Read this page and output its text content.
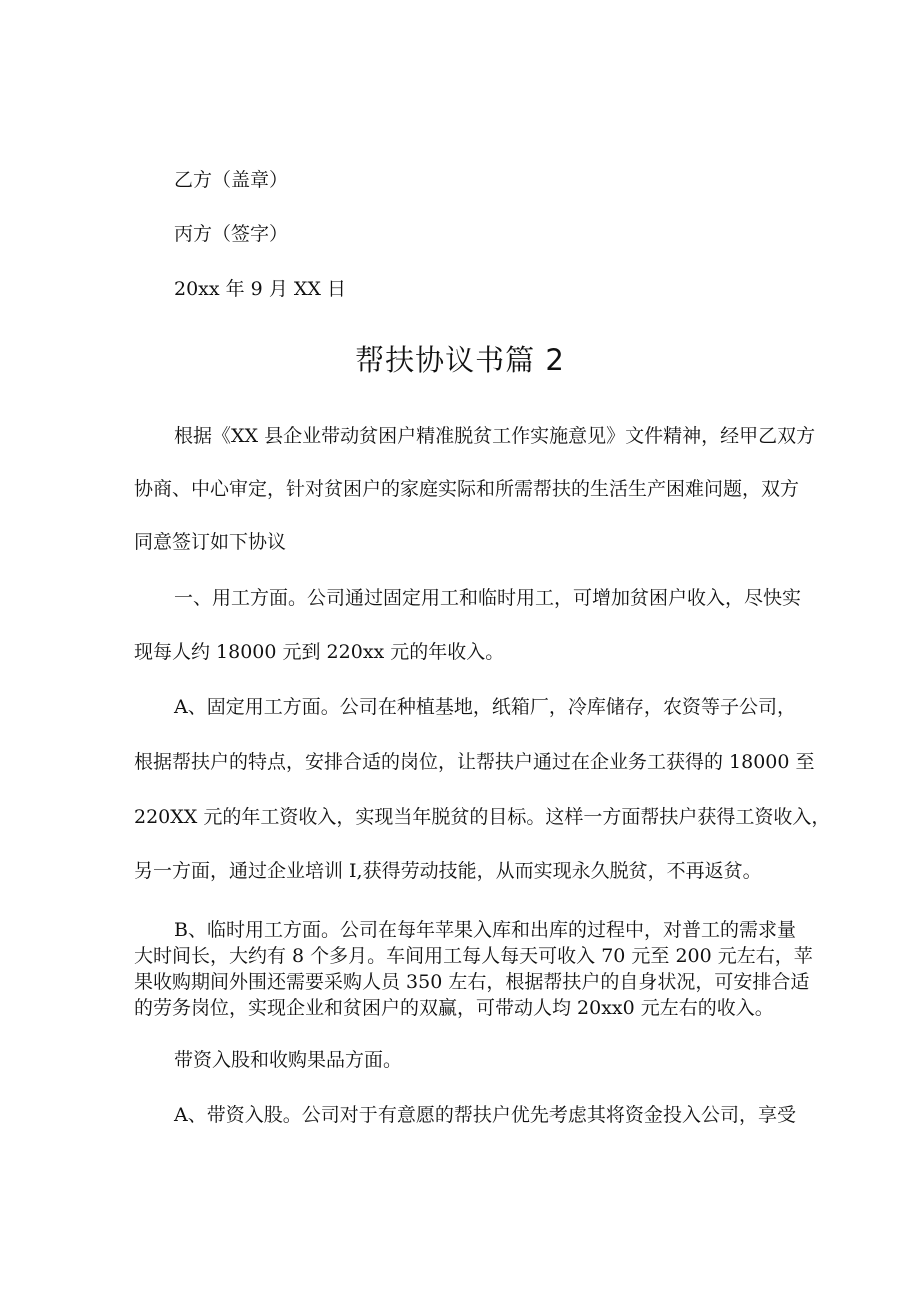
乙方（盖章）

丙方（签字）

20xx 年 9 月 XX 日

帮扶协议书篇 2

根据《XX 县企业带动贫困户精准脱贫工作实施意见》文件精神，经甲乙双方

协商、中心审定，针对贫困户的家庭实际和所需帮扶的生活生产困难问题，双方

同意签订如下协议

一、用工方面。公司通过固定用工和临时用工，可增加贫困户收入，尽快实

现每人约 18000 元到 220xx 元的年收入。

A、固定用工方面。公司在种植基地，纸箱厂，冷库储存，农资等子公司，

根据帮扶户的特点，安排合适的岗位，让帮扶户通过在企业务工获得的 18000 至

220XX 元的年工资收入，实现当年脱贫的目标。这样一方面帮扶户获得工资收入，

另一方面，通过企业培训 I,获得劳动技能，从而实现永久脱贫，不再返贫。

B、临时用工方面。公司在每年苹果入库和出库的过程中，对普工的需求量
大时间长，大约有 8 个多月。车间用工每人每天可收入 70 元至 200 元左右，苹
果收购期间外围还需要采购人员 350 左右，根据帮扶户的自身状况，可安排合适
的劳务岗位，实现企业和贫困户的双赢，可带动人均 20xx0 元左右的收入。

带资入股和收购果品方面。

A、带资入股。公司对于有意愿的帮扶户优先考虑其将资金投入公司，享受
